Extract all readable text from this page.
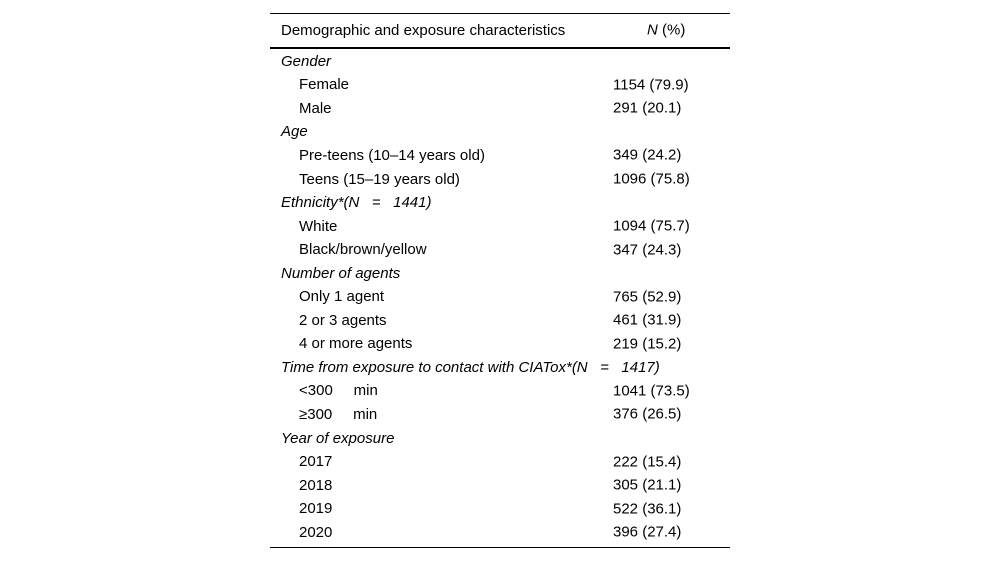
Demographic and exposure characteristics	N (%)
Gender
Female	1154 (79.9)
Male	291 (20.1)
Age
Pre-teens (10–14 years old)	349 (24.2)
Teens (15–19 years old)	1096 (75.8)
Ethnicity*(N   =   1441)
White	1094 (75.7)
Black/brown/yellow	347 (24.3)
Number of agents
Only 1 agent	765 (52.9)
2 or 3 agents	461 (31.9)
4 or more agents	219 (15.2)
Time from exposure to contact with CIATox*(N   =   1417)
<300     min	1041 (73.5)
≥300     min	376 (26.5)
Year of exposure
2017	222 (15.4)
2018	305 (21.1)
2019	522 (36.1)
2020	396 (27.4)
